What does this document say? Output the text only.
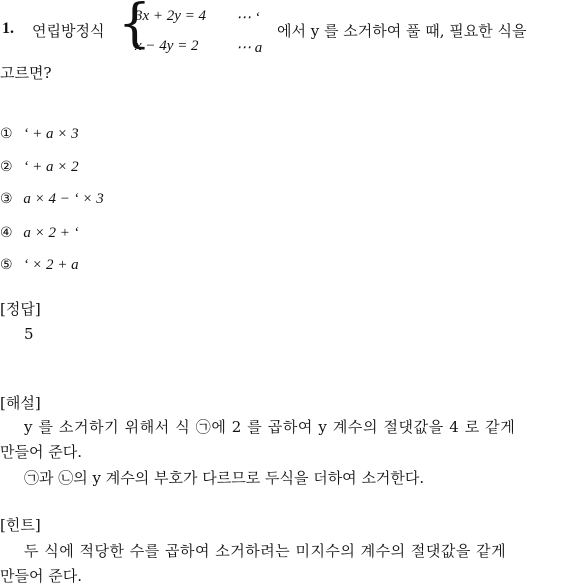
1. 연립방정식 {
3x + 2y = 4 ⋯ ‘
x − 4y = 2 ⋯ a
에서 y 를 소거하여 풀 때, 필요한 식을
고르면?
① ‘ + a × 3
② ‘ + a × 2
③ a × 4 − ‘ × 3
④ a × 2 + ‘
⑤ ‘ × 2 + a
[정답]
5
[해설]
y 를 소거하기 위해서 식 ㉠에 2 를 곱하여 y 계수의 절댓값을 4 로 같게
만들어 준다.
㉠과 ㉡의 y 계수의 부호가 다르므로 두식을 더하여 소거한다.
[힌트]
두 식에 적당한 수를 곱하여 소거하려는 미지수의 계수의 절댓값을 같게
만들어 준다.
